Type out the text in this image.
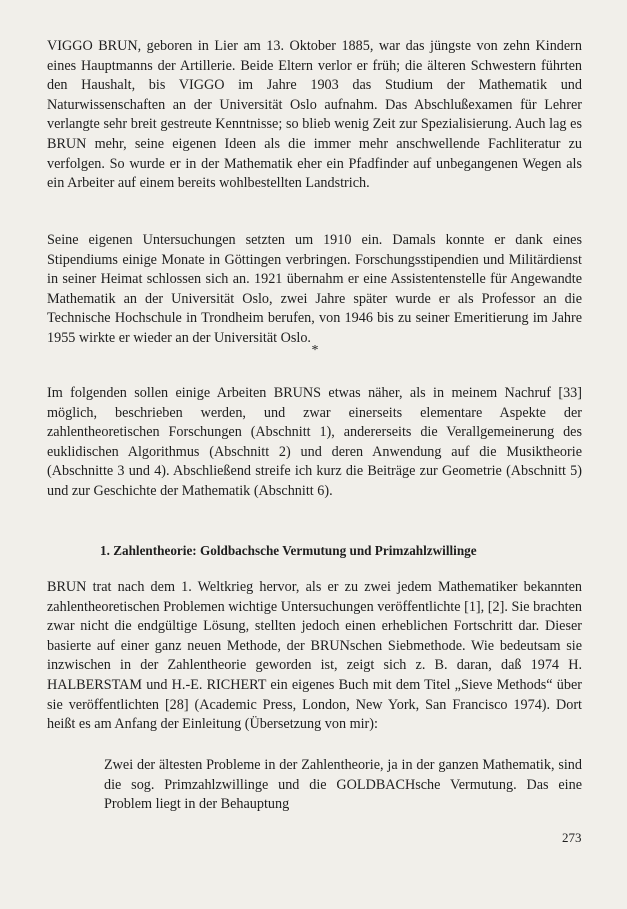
VIGGO BRUN, geboren in Lier am 13. Oktober 1885, war das jüngste von zehn Kindern eines Hauptmanns der Artillerie. Beide Eltern verlor er früh; die älteren Schwestern führten den Haushalt, bis VIGGO im Jahre 1903 das Studium der Mathematik und Naturwissenschaften an der Universität Oslo aufnahm. Das Abschlußexamen für Lehrer verlangte sehr breit gestreute Kenntnisse; so blieb wenig Zeit zur Spezialisierung. Auch lag es BRUN mehr, seine eigenen Ideen als die immer mehr anschwellende Fachliteratur zu verfolgen. So wurde er in der Mathematik eher ein Pfadfinder auf unbegangenen Wegen als ein Arbeiter auf einem bereits wohlbestellten Landstrich.

Seine eigenen Untersuchungen setzten um 1910 ein. Damals konnte er dank eines Stipendiums einige Monate in Göttingen verbringen. Forschungsstipendien und Militärdienst in seiner Heimat schlossen sich an. 1921 übernahm er eine Assistentenstelle für Angewandte Mathematik an der Universität Oslo, zwei Jahre später wurde er als Professor an die Technische Hochschule in Trondheim berufen, von 1946 bis zu seiner Emeritierung im Jahre 1955 wirkte er wieder an der Universität Oslo.

*

Im folgenden sollen einige Arbeiten BRUNS etwas näher, als in meinem Nachruf [33] möglich, beschrieben werden, und zwar einerseits elementare Aspekte der zahlentheoretischen Forschungen (Abschnitt 1), andererseits die Verallgemeinerung des euklidischen Algorithmus (Abschnitt 2) und deren Anwendung auf die Musiktheorie (Abschnitte 3 und 4). Abschließend streife ich kurz die Beiträge zur Geometrie (Abschnitt 5) und zur Geschichte der Mathematik (Abschnitt 6).

1. Zahlentheorie: Goldbachsche Vermutung und Primzahlzwillinge

BRUN trat nach dem 1. Weltkrieg hervor, als er zu zwei jedem Mathematiker bekannten zahlentheoretischen Problemen wichtige Untersuchungen veröffentlichte [1], [2]. Sie brachten zwar nicht die endgültige Lösung, stellten jedoch einen erheblichen Fortschritt dar. Dieser basierte auf einer ganz neuen Methode, der BRUNschen Siebmethode. Wie bedeutsam sie inzwischen in der Zahlentheorie geworden ist, zeigt sich z. B. daran, daß 1974 H. HALBERSTAM und H.-E. RICHERT ein eigenes Buch mit dem Titel „Sieve Methods“ über sie veröffentlichten [28] (Academic Press, London, New York, San Francisco 1974). Dort heißt es am Anfang der Einleitung (Übersetzung von mir):

Zwei der ältesten Probleme in der Zahlentheorie, ja in der ganzen Mathematik, sind die sog. Primzahlzwillinge und die GOLDBACHsche Vermutung. Das eine Problem liegt in der Behauptung

273
